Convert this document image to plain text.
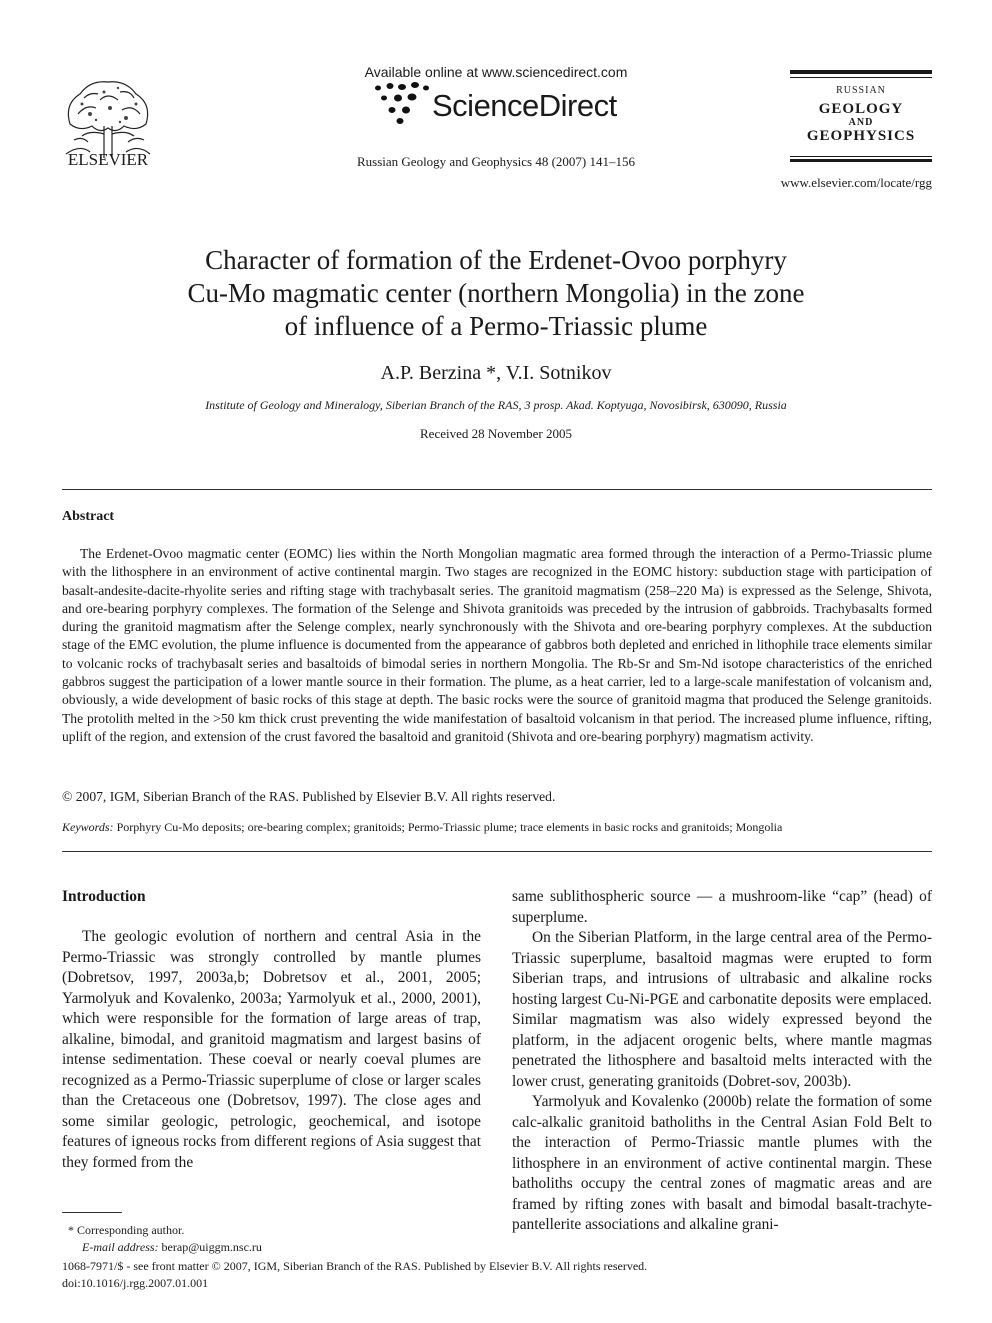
ELSEVIER
Available online at www.sciencedirect.com
ScienceDirect
Russian Geology and Geophysics 48 (2007) 141–156
RUSSIAN
GEOLOGY
AND
GEOPHYSICS
www.elsevier.com/locate/rgg
Character of formation of the Erdenet-Ovoo porphyry
Cu-Mo magmatic center (northern Mongolia) in the zone
of influence of a Permo-Triassic plume
A.P. Berzina *, V.I. Sotnikov
Institute of Geology and Mineralogy, Siberian Branch of the RAS, 3 prosp. Akad. Koptyuga, Novosibirsk, 630090, Russia
Received 28 November 2005
Abstract
The Erdenet-Ovoo magmatic center (EOMC) lies within the North Mongolian magmatic area formed through the interaction of a Permo-Triassic plume with the lithosphere in an environment of active continental margin. Two stages are recognized in the EOMC history: subduction stage with participation of basalt-andesite-dacite-rhyolite series and rifting stage with trachybasalt series. The granitoid magmatism (258–220 Ma) is expressed as the Selenge, Shivota, and ore-bearing porphyry complexes. The formation of the Selenge and Shivota granitoids was preceded by the intrusion of gabbroids. Trachybasalts formed during the granitoid magmatism after the Selenge complex, nearly synchronously with the Shivota and ore-bearing porphyry complexes. At the subduction stage of the EMC evolution, the plume influence is documented from the appearance of gabbros both depleted and enriched in lithophile trace elements similar to volcanic rocks of trachybasalt series and basaltoids of bimodal series in northern Mongolia. The Rb-Sr and Sm-Nd isotope characteristics of the enriched gabbros suggest the participation of a lower mantle source in their formation. The plume, as a heat carrier, led to a large-scale manifestation of volcanism and, obviously, a wide development of basic rocks of this stage at depth. The basic rocks were the source of granitoid magma that produced the Selenge granitoids. The protolith melted in the >50 km thick crust preventing the wide manifestation of basaltoid volcanism in that period. The increased plume influence, rifting, uplift of the region, and extension of the crust favored the basaltoid and granitoid (Shivota and ore-bearing porphyry) magmatism activity.
© 2007, IGM, Siberian Branch of the RAS. Published by Elsevier B.V. All rights reserved.
Keywords: Porphyry Cu-Mo deposits; ore-bearing complex; granitoids; Permo-Triassic plume; trace elements in basic rocks and granitoids; Mongolia
Introduction

The geologic evolution of northern and central Asia in the Permo-Triassic was strongly controlled by mantle plumes (Dobretsov, 1997, 2003a,b; Dobretsov et al., 2001, 2005; Yarmolyuk and Kovalenko, 2003a; Yarmolyuk et al., 2000, 2001), which were responsible for the formation of large areas of trap, alkaline, bimodal, and granitoid magmatism and largest basins of intense sedimentation. These coeval or nearly coeval plumes are recognized as a Permo-Triassic superplume of close or larger scales than the Cretaceous one (Dobretsov, 1997). The close ages and some similar geologic, petrologic, geochemical, and isotope features of igneous rocks from different regions of Asia suggest that they formed from the

same sublithospheric source — a mushroom-like “cap” (head) of superplume.

On the Siberian Platform, in the large central area of the Permo-Triassic superplume, basaltoid magmas were erupted to form Siberian traps, and intrusions of ultrabasic and alkaline rocks hosting largest Cu-Ni-PGE and carbonatite deposits were emplaced. Similar magmatism was also widely expressed beyond the platform, in the adjacent orogenic belts, where mantle magmas penetrated the lithosphere and basaltoid melts interacted with the lower crust, generating granitoids (Dobret-sov, 2003b).

Yarmolyuk and Kovalenko (2000b) relate the formation of some calc-alkalic granitoid batholiths in the Central Asian Fold Belt to the interaction of Permo-Triassic mantle plumes with the lithosphere in an environment of active continental margin. These batholiths occupy the central zones of magmatic areas and are framed by rifting zones with basalt and bimodal basalt-trachyte-pantellerite associations and alkaline grani-

* Corresponding author.
E-mail address: berap@uiggm.nsc.ru
1068-7971/$ - see front matter © 2007, IGM, Siberian Branch of the RAS. Published by Elsevier B.V. All rights reserved.
doi:10.1016/j.rgg.2007.01.001
